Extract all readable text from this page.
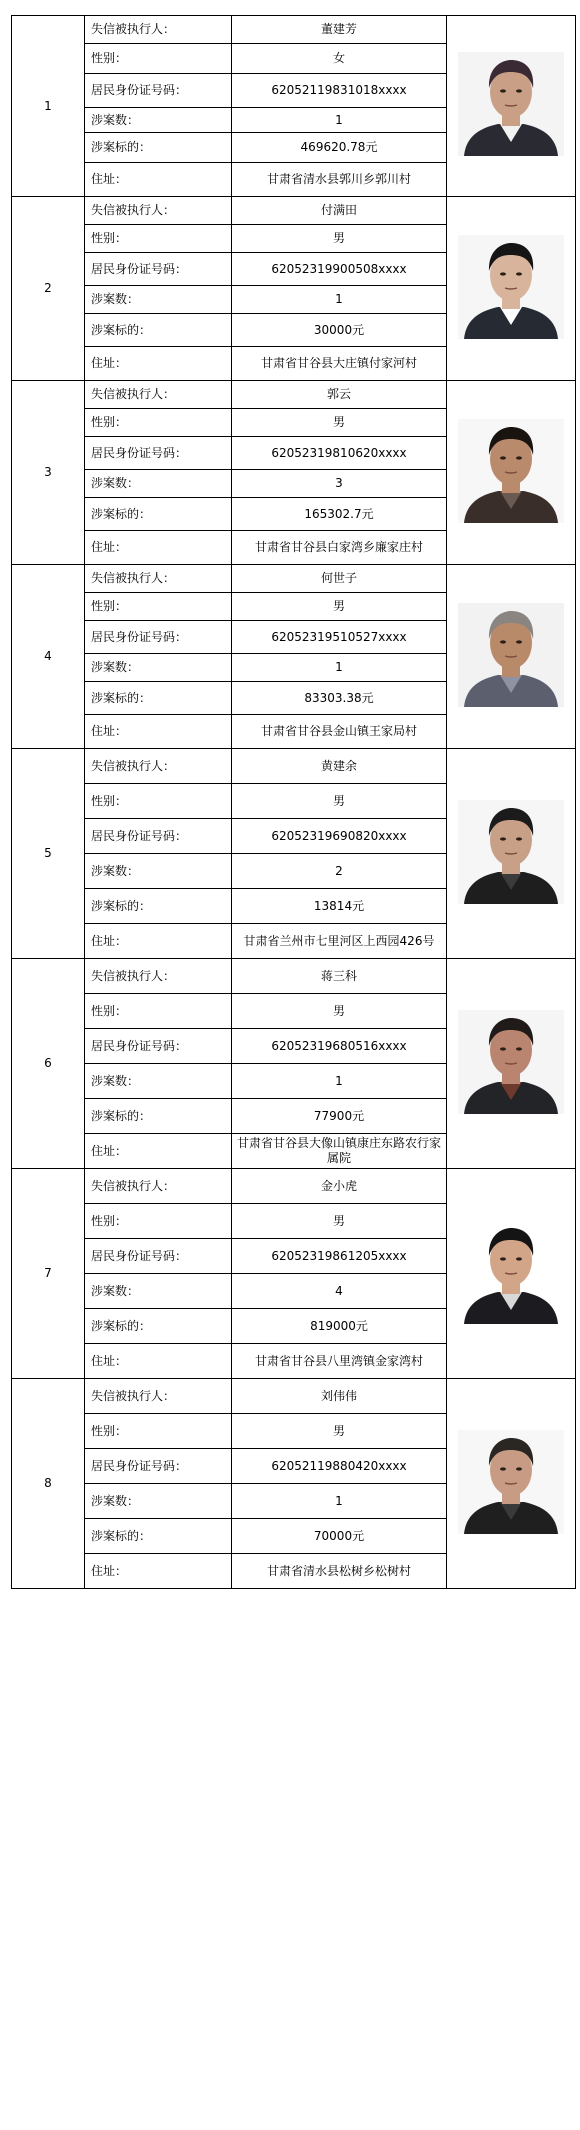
1	失信被执行人：	董建芳	

	性别：	女	
	居民身份证号码：	62052119831018xxxx	
	涉案数：	1	
	涉案标的：	469620.78元	
	住址：	甘肃省清水县郭川乡郭川村	
2	失信被执行人：	付满田	

	性别：	男	
	居民身份证号码：	62052319900508xxxx	
	涉案数：	1	
	涉案标的：	30000元	
	住址：	甘肃省甘谷县大庄镇付家河村	
3	失信被执行人：	郭云	

	性别：	男	
	居民身份证号码：	62052319810620xxxx	
	涉案数：	3	
	涉案标的：	165302.7元	
	住址：	甘肃省甘谷县白家湾乡廉家庄村	
4	失信被执行人：	何世子	

	性别：	男	
	居民身份证号码：	62052319510527xxxx	
	涉案数：	1	
	涉案标的：	83303.38元	
	住址：	甘肃省甘谷县金山镇王家局村	
5	失信被执行人：	黄建余	

	性别：	男	
	居民身份证号码：	62052319690820xxxx	
	涉案数：	2	
	涉案标的：	13814元	
	住址：	甘肃省兰州市七里河区上西园426号	
6	失信被执行人：	蒋三科	

	性别：	男	
	居民身份证号码：	62052319680516xxxx	
	涉案数：	1	
	涉案标的：	77900元	
	住址：	甘肃省甘谷县大像山镇康庄东路农行家属院	
7	失信被执行人：	金小虎	

	性别：	男	
	居民身份证号码：	62052319861205xxxx	
	涉案数：	4	
	涉案标的：	819000元	
	住址：	甘肃省甘谷县八里湾镇金家湾村	
8	失信被执行人：	刘伟伟	

	性别：	男	
	居民身份证号码：	62052119880420xxxx	
	涉案数：	1	
	涉案标的：	70000元	
	住址：	甘肃省清水县松树乡松树村	
